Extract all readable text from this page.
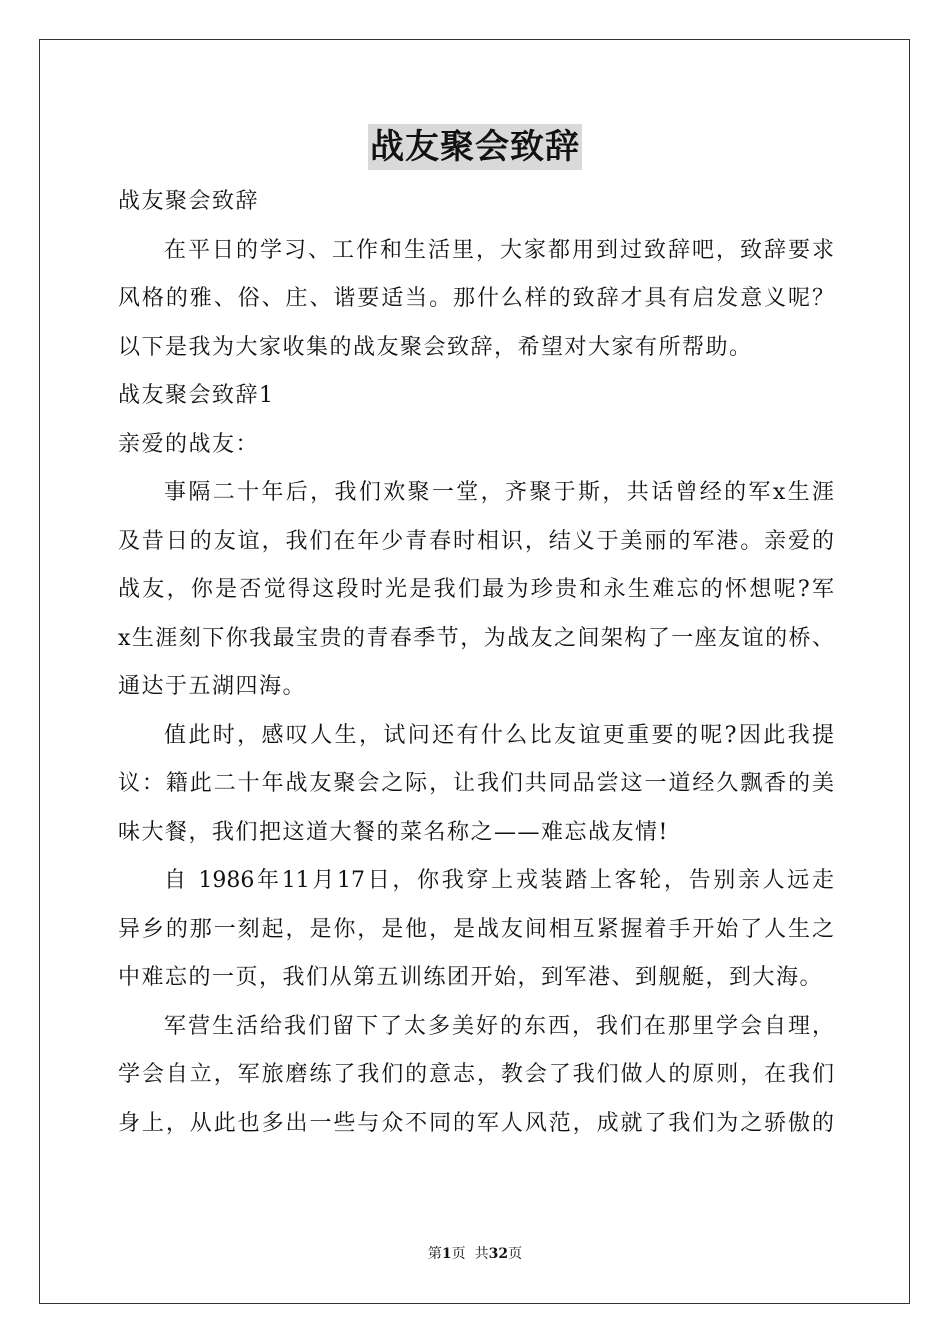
战友聚会致辞
战友聚会致辞
在平日的学习、工作和生活里，大家都用到过致辞吧，致辞要求
风格的雅、俗、庄、谐要适当。那什么样的致辞才具有启发意义呢？
以下是我为大家收集的战友聚会致辞，希望对大家有所帮助。
战友聚会致辞1
亲爱的战友：
事隔二十年后，我们欢聚一堂，齐聚于斯，共话曾经的军x生涯
及昔日的友谊，我们在年少青春时相识，结义于美丽的军港。亲爱的
战友，你是否觉得这段时光是我们最为珍贵和永生难忘的怀想呢?军
x生涯刻下你我最宝贵的青春季节，为战友之间架构了一座友谊的桥、
通达于五湖四海。
值此时，感叹人生，试问还有什么比友谊更重要的呢?因此我提
议：籍此二十年战友聚会之际，让我们共同品尝这一道经久飘香的美
味大餐，我们把这道大餐的菜名称之——难忘战友情!
自 1986年11月17日，你我穿上戎装踏上客轮，告别亲人远走
异乡的那一刻起，是你，是他，是战友间相互紧握着手开始了人生之
中难忘的一页，我们从第五训练团开始，到军港、到舰艇，到大海。
军营生活给我们留下了太多美好的东西，我们在那里学会自理，
学会自立，军旅磨练了我们的意志，教会了我们做人的原则，在我们
身上，从此也多出一些与众不同的军人风范，成就了我们为之骄傲的
第1页  共32页
